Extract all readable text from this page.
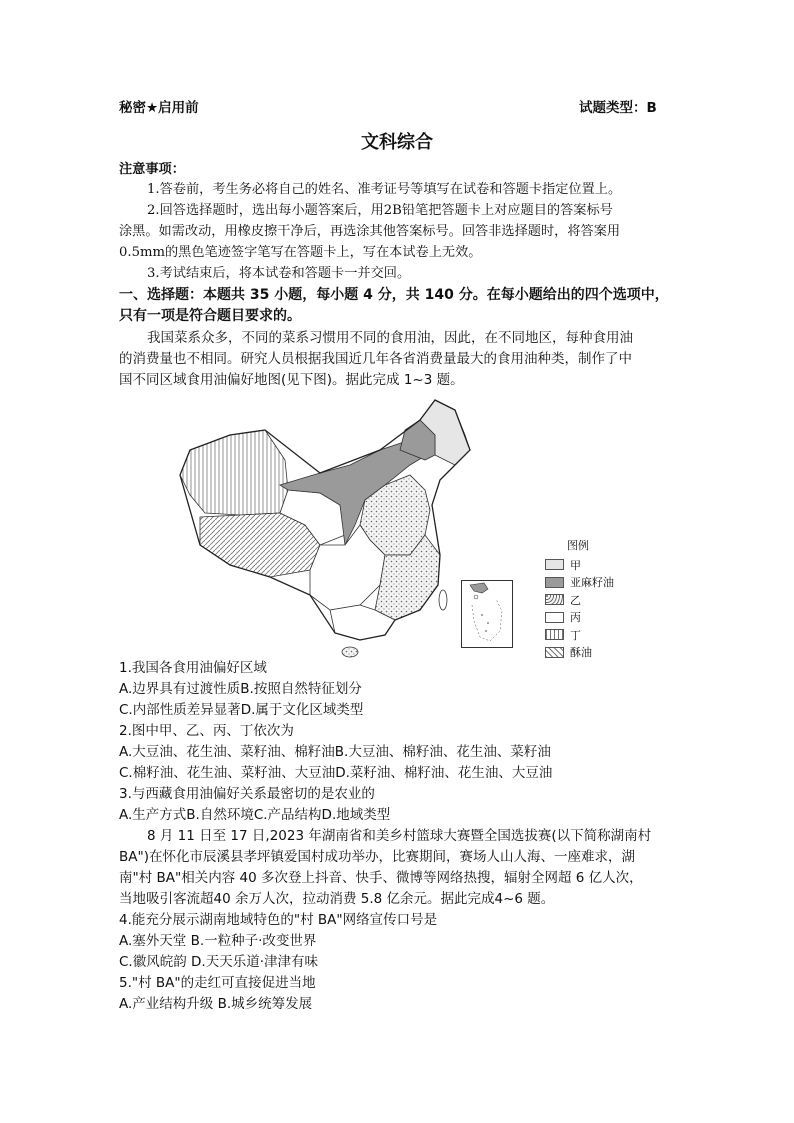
秘密★启用前	试题类型：B
文科综合
注意事项：
1.答卷前，考生务必将自己的姓名、准考证号等填写在试卷和答题卡指定位置上。
2.回答选择题时，选出每小题答案后，用2B铅笔把答题卡上对应题目的答案标号
涂黑。如需改动，用橡皮擦干净后，再选涂其他答案标号。回答非选择题时，将答案用
0.5mm的黑色笔迹签字笔写在答题卡上，写在本试卷上无效。
3.考试结束后，将本试卷和答题卡一并交回。
一、选择题：本题共 35 小题，每小题 4 分，共 140 分。在每小题给出的四个选项中，
只有一项是符合题目要求的。
我国菜系众多，不同的菜系习惯用不同的食用油，因此，在不同地区，每种食用油
的消费量也不相同。研究人员根据我国近几年各省消费量最大的食用油种类，制作了中
国不同区域食用油偏好地图(见下图)。据此完成 1~3 题。
图例
甲
亚麻籽油
乙
丙
丁
酥油
1.我国各食用油偏好区域
A.边界具有过渡性质B.按照自然特征划分
C.内部性质差异显著D.属于文化区域类型
2.图中甲、乙、丙、丁依次为
A.大豆油、花生油、菜籽油、棉籽油B.大豆油、棉籽油、花生油、菜籽油
C.棉籽油、花生油、菜籽油、大豆油D.菜籽油、棉籽油、花生油、大豆油
3.与西藏食用油偏好关系最密切的是农业的
A.生产方式B.自然环境C.产品结构D.地域类型
8 月 11 日至 17 日,2023 年湖南省和美乡村篮球大赛暨全国选拔赛(以下简称湖南村
BA")在怀化市辰溪县孝坪镇爱国村成功举办，比赛期间，赛场人山人海、一座难求，湖
南"村 BA"相关内容 40 多次登上抖音、快手、微博等网络热搜，辐射全网超 6 亿人次，
当地吸引客流超40 余万人次，拉动消费 5.8 亿余元。据此完成4~6 题。
4.能充分展示湖南地域特色的"村 BA"网络宣传口号是
A.塞外天堂 B.一粒种子·改变世界
C.徽风皖韵 D.天天乐道·津津有味
5."村 BA"的走红可直接促进当地
A.产业结构升级 B.城乡统筹发展
